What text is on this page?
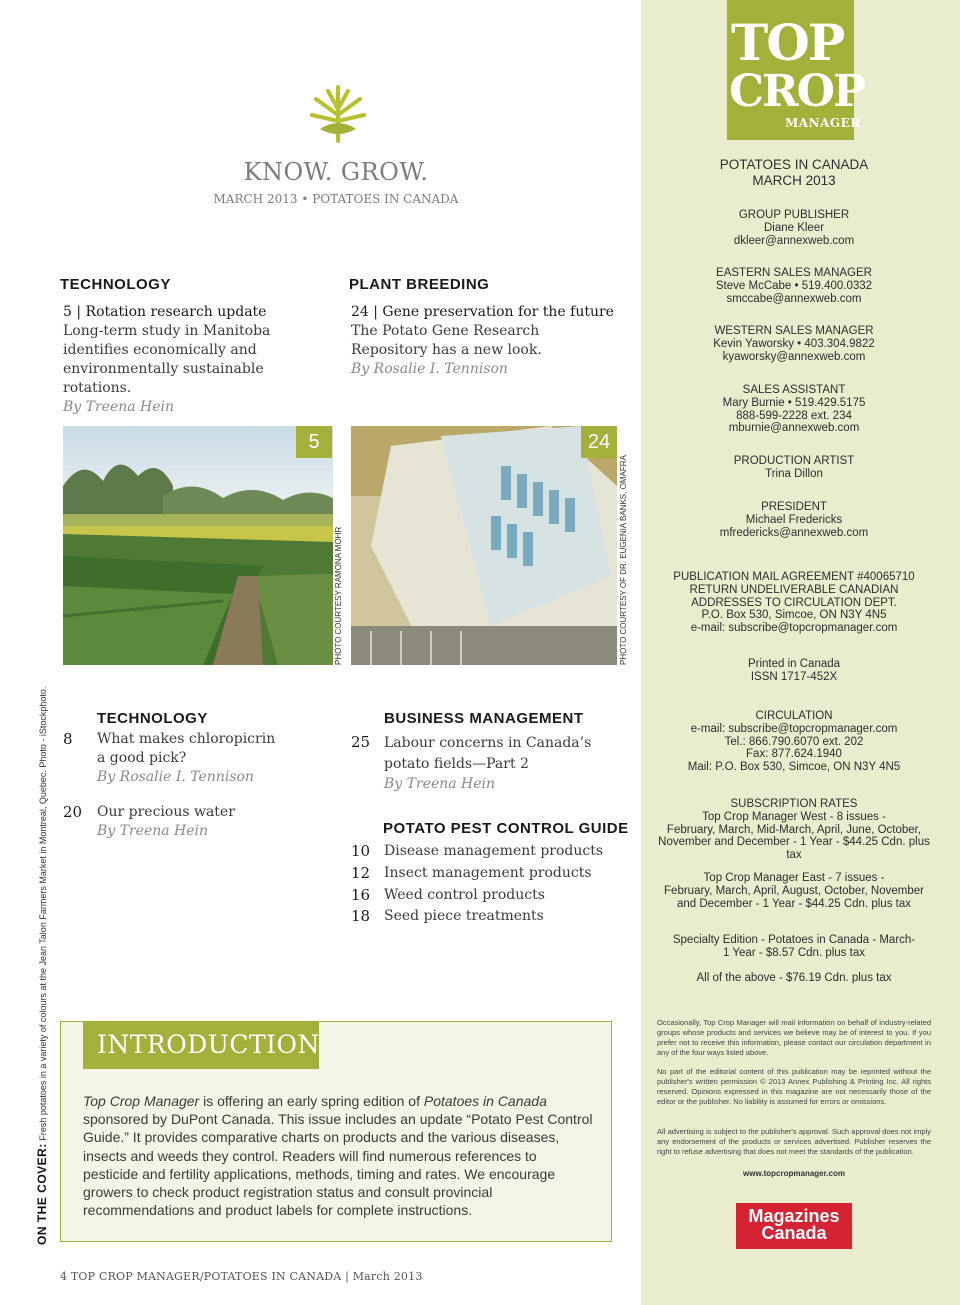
TOP
CROP
MANAGER
POTATOES IN CANADA
MARCH 2013
GROUP PUBLISHER
Diane Kleer
dkleer@annexweb.com
EASTERN SALES MANAGER
Steve McCabe • 519.400.0332
smccabe@annexweb.com
WESTERN SALES MANAGER
Kevin Yaworsky • 403.304.9822
kyaworsky@annexweb.com
SALES ASSISTANT
Mary Burnie • 519.429.5175
888-599-2228 ext. 234
mburnie@annexweb.com
PRODUCTION ARTIST
Trina Dillon
PRESIDENT
Michael Fredericks
mfredericks@annexweb.com
PUBLICATION MAIL AGREEMENT #40065710
RETURN UNDELIVERABLE CANADIAN
ADDRESSES TO CIRCULATION DEPT.
P.O. Box 530, Simcoe, ON N3Y 4N5
e-mail: subscribe@topcropmanager.com
Printed in Canada
ISSN 1717-452X
CIRCULATION
e-mail: subscribe@topcropmanager.com
Tel.: 866.790.6070 ext. 202
Fax: 877.624.1940
Mail: P.O. Box 530, Simcoe, ON N3Y 4N5
SUBSCRIPTION RATES
Top Crop Manager West - 8 issues -
February, March, Mid-March, April, June, October,
November and December - 1 Year - $44.25 Cdn. plus tax
Top Crop Manager East - 7 issues -
February, March, April, August, October, November
and December - 1 Year - $44.25 Cdn. plus tax
Specialty Edition - Potatoes in Canada - March-
1 Year - $8.57 Cdn. plus tax
All of the above - $76.19 Cdn. plus tax
Occasionally, Top Crop Manager will mail information on behalf of industry-related groups whose products and services we believe may be of interest to you. If you prefer not to receive this information, please contact our circulation department in any of the four ways listed above.
No part of the editorial content of this publication may be reprinted without the publisher's written permission © 2013 Annex Publishing & Printing Inc. All rights reserved. Opinions expressed in this magazine are not necessarily those of the editor or the publisher. No liability is assumed for errors or omissions.
All advertising is subject to the publisher's approval. Such approval does not imply any endorsement of the products or services advertised. Publisher reserves the right to refuse advertising that does not meet the standards of the publication.
www.topcropmanager.com
Magazines
Canada
KNOW. GROW.
MARCH 2013 • POTATOES IN CANADA
TECHNOLOGY
5 | Rotation research update
Long-term study in Manitoba identifies economically and environmentally sustainable rotations.
By Treena Hein
PLANT BREEDING
24 | Gene preservation for the future
The Potato Gene Research Repository has a new look.
By Rosalie I. Tennison
5
PHOTO COURTESY RAMONA MOHR
24
PHOTO COURTESY OF DR. EUGENIA BANKS, OMAFRA
TECHNOLOGY
8 What makes chloropicrin a good pick?
By Rosalie I. Tennison
20 Our precious water
By Treena Hein
BUSINESS MANAGEMENT
25 Labour concerns in Canada’s potato fields—Part 2
By Treena Hein
POTATO PEST CONTROL GUIDE
10 Disease management products
12 Insect management products
16 Weed control products
18 Seed piece treatments
ON THE COVER: Fresh potatoes in a variety of colours at the Jean Talon Farmers Market in Montreal, Quebec. Photo - iStockphoto.	INTRODUCTION
Top Crop Manager is offering an early spring edition of Potatoes in Canada sponsored by DuPont Canada. This issue includes an update “Potato Pest Control Guide.” It provides comparative charts on products and the various diseases, insects and weeds they control. Readers will find numerous references to pesticide and fertility applications, methods, timing and rates. We encourage growers to check product registration status and consult provincial recommendations and product labels for complete instructions.
4 TOP CROP MANAGER/POTATOES IN CANADA | March 2013
